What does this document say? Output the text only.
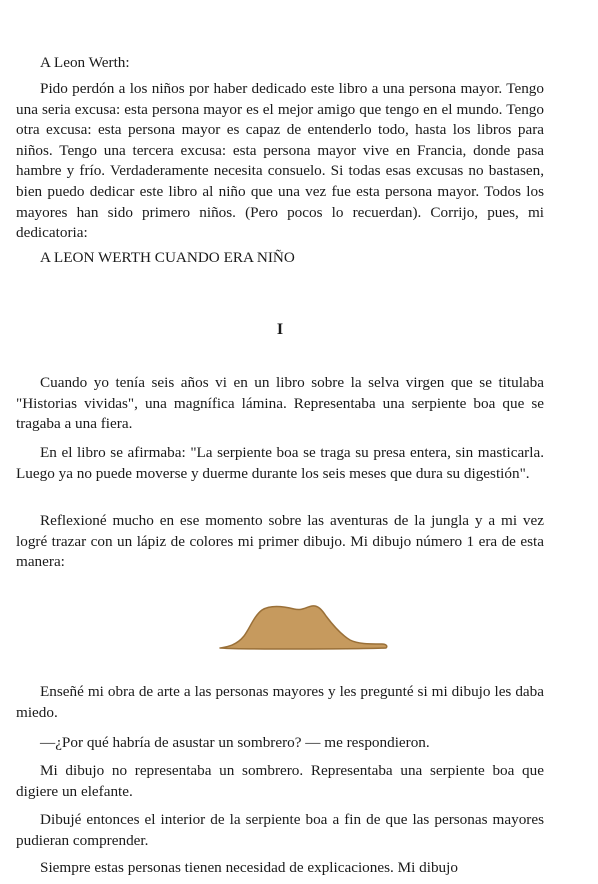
A Leon Werth:

Pido perdón a los niños por haber dedicado este libro a una persona mayor. Tengo una seria excusa: esta persona mayor es el mejor amigo que tengo en el mundo. Tengo otra excusa: esta persona mayor es capaz de entenderlo todo, hasta los libros para niños. Tengo una tercera excusa: esta persona mayor vive en Francia, donde pasa hambre y frío. Verdaderamente necesita consuelo. Si todas esas excusas no bastasen, bien puedo dedicar este libro al niño que una vez fue esta persona mayor. Todos los mayores han sido primero niños. (Pero pocos lo recuerdan). Corrijo, pues, mi dedicatoria:

A LEON WERTH CUANDO ERA NIÑO

I

Cuando yo tenía seis años vi en un libro sobre la selva virgen que se titulaba "Historias vividas", una magnífica lámina. Representaba una serpiente boa que se tragaba a una fiera.

En el libro se afirmaba: "La serpiente boa se traga su presa entera, sin masticarla. Luego ya no puede moverse y duerme durante los seis meses que dura su digestión".

Reflexioné mucho en ese momento sobre las aventuras de la jungla y a mi vez logré trazar con un lápiz de colores mi primer dibujo. Mi dibujo número 1 era de esta manera:

Enseñé mi obra de arte a las personas mayores y les pregunté si mi dibujo les daba miedo.

—¿Por qué habría de asustar un sombrero? — me respondieron.

Mi dibujo no representaba un sombrero. Representaba una serpiente boa que digiere un elefante.

Dibujé entonces el interior de la serpiente boa a fin de que las personas mayores pudieran comprender.

Siempre estas personas tienen necesidad de explicaciones. Mi dibujo
